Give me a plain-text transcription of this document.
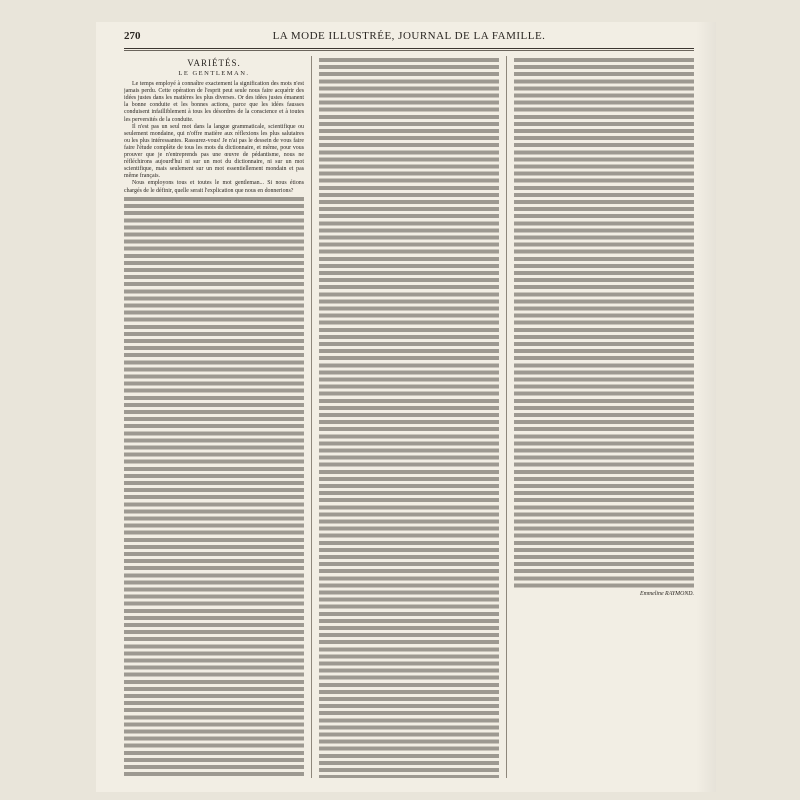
270	LA MODE ILLUSTRÉE, JOURNAL DE LA FAMILLE.
VARIÉTÉS.
LE GENTLEMAN.

Le temps employé à connaître exactement la signification des mots n'est jamais perdu. Cette opération de l'esprit peut seule nous faire acquérir des idées justes dans les matières les plus diverses. Or des idées justes émanent la bonne conduite et les bonnes actions, parce que les idées fausses conduisent infailliblement à tous les désordres de la conscience et à toutes les perversités de la conduite.

Il n'est pas un seul mot dans la langue grammaticale, scientifique ou seulement mondaine, qui n'offre matière aux réflexions les plus salutaires ou les plus intéressantes. Rassurez-vous! Je n'ai pas le dessein de vous faire faire l'étude complète de tous les mots du dictionnaire, et même, pour vous prouver que je n'entreprends pas une œuvre de pédantisme, nous ne réfléchirons aujourd'hui ni sur un mot du dictionnaire, ni sur un mot scientifique, mais seulement sur un mot essentiellement mondain et pas même français.

Nous employons tous et toutes le mot gentleman... Si nous étions chargés de le définir, quelle serait l'explication que nous en donnerions?

Emmeline RAYMOND.
